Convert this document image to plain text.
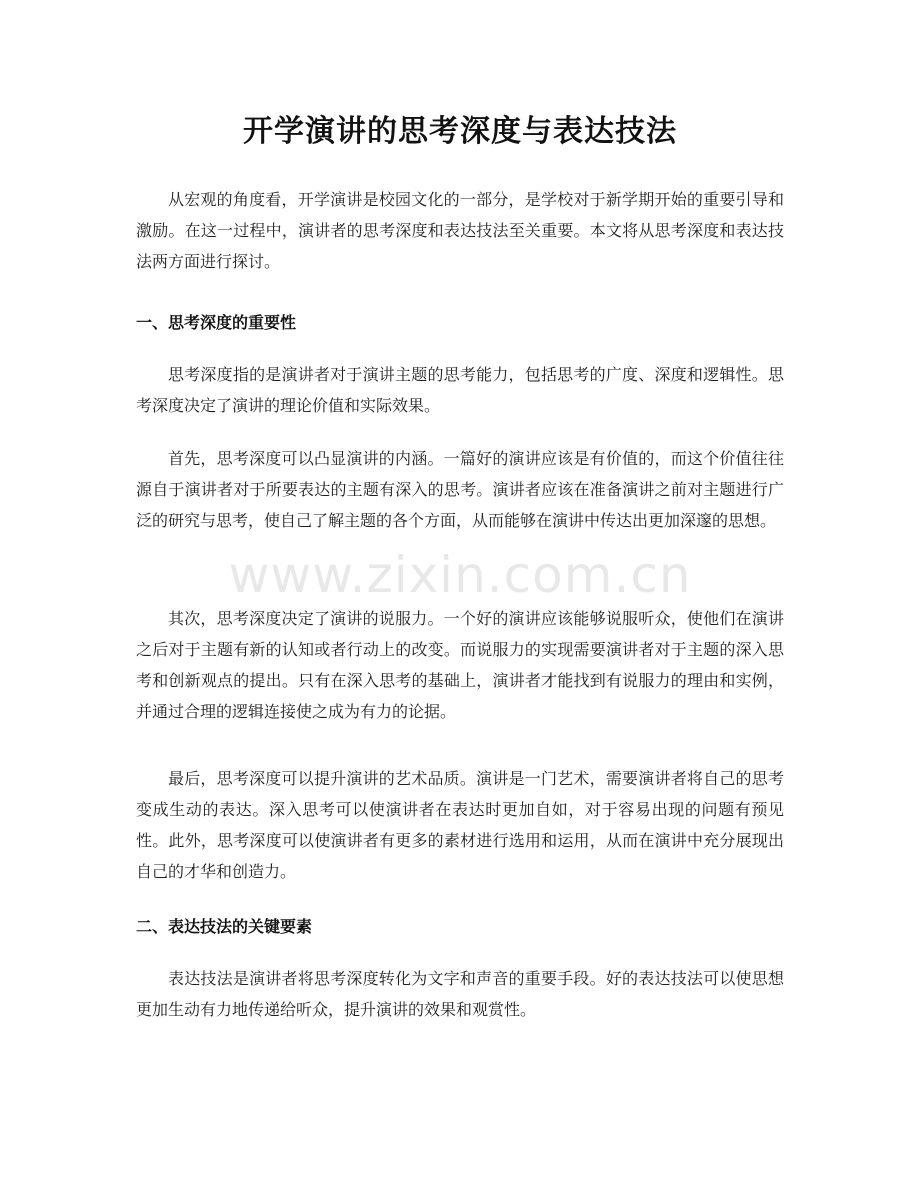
开学演讲的思考深度与表达技法

从宏观的角度看，开学演讲是校园文化的一部分，是学校对于新学期开始的重要引导和激励。在这一过程中，演讲者的思考深度和表达技法至关重要。本文将从思考深度和表达技法两方面进行探讨。

一、思考深度的重要性

思考深度指的是演讲者对于演讲主题的思考能力，包括思考的广度、深度和逻辑性。思考深度决定了演讲的理论价值和实际效果。

首先，思考深度可以凸显演讲的内涵。一篇好的演讲应该是有价值的，而这个价值往往源自于演讲者对于所要表达的主题有深入的思考。演讲者应该在准备演讲之前对主题进行广泛的研究与思考，使自己了解主题的各个方面，从而能够在演讲中传达出更加深邃的思想。

其次，思考深度决定了演讲的说服力。一个好的演讲应该能够说服听众，使他们在演讲之后对于主题有新的认知或者行动上的改变。而说服力的实现需要演讲者对于主题的深入思考和创新观点的提出。只有在深入思考的基础上，演讲者才能找到有说服力的理由和实例，并通过合理的逻辑连接使之成为有力的论据。

最后，思考深度可以提升演讲的艺术品质。演讲是一门艺术，需要演讲者将自己的思考变成生动的表达。深入思考可以使演讲者在表达时更加自如，对于容易出现的问题有预见性。此外，思考深度可以使演讲者有更多的素材进行选用和运用，从而在演讲中充分展现出自己的才华和创造力。

二、表达技法的关键要素

表达技法是演讲者将思考深度转化为文字和声音的重要手段。好的表达技法可以使思想更加生动有力地传递给听众，提升演讲的效果和观赏性。

www.zixin.com.cn
